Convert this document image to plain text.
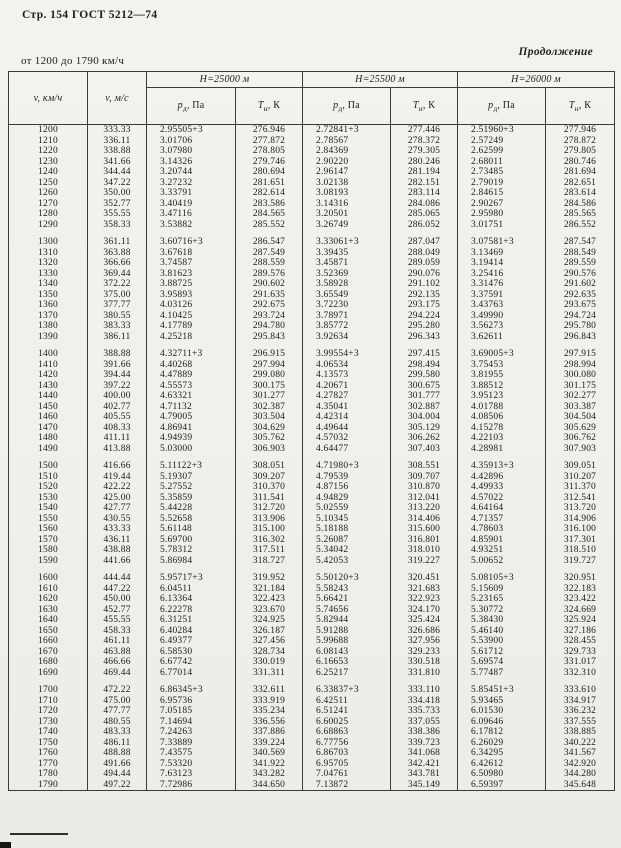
Стр. 154 ГОСТ 5212—74
Продолжение
от 1200 до 1790 км/ч
v, км/ч	v, м/с	Н=25000 м		Н=25500 м		Н=26000 м	
		$р_д$, Па	$Т_н$, К	$р_д$, Па	$Т_н$, К	$р_д$, Па	$Т_н$, К
1200	333.33	2.95505+3	276.946	2.72841+3	277.446	2.51960+3	277.946
1210	336.11	3.01706	277.872	2.78567	278.372	2.57249	278.872
1220	338.88	3.07980	278.805	2.84369	279.305	2.62599	279.805
1230	341.66	3.14326	279.746	2.90220	280.246	2.68011	280.746
1240	344.44	3.20744	280.694	2.96147	281.194	2.73485	281.694
1250	347.22	3.27232	281.651	3.02138	282.151	2.79019	282.651
1260	350.00	3.33791	282.614	3.08193	283.114	2.84615	283.614
1270	352.77	3.40419	283.586	3.14316	284.086	2.90267	284.586
1280	355.55	3.47116	284.565	3.20501	285.065	2.95980	285.565
1290	358.33	3.53882	285.552	3.26749	286.052	3.01751	286.552

1300	361.11	3.60716+3	286.547	3.33061+3	287.047	3.07581+3	287.547
1310	363.88	3.67618	287.549	3.39435	288.049	3.13469	288.549
1320	366.66	3.74587	288.559	3.45871	289.059	3.19414	289.559
1330	369.44	3.81623	289.576	3.52369	290.076	3.25416	290.576
1340	372.22	3.88725	290.602	3.58928	291.102	3.31476	291.602
1350	375.00	3.95893	291.635	3.65549	292.135	3.37591	292.635
1360	377.77	4.03126	292.675	3.72230	293.175	3.43763	293.675
1370	380.55	4.10425	293.724	3.78971	294.224	3.49990	294.724
1380	383.33	4.17789	294.780	3.85772	295.280	3.56273	295.780
1390	386.11	4.25218	295.843	3.92634	296.343	3.62611	296.843

1400	388.88	4.32711+3	296.915	3.99554+3	297.415	3.69005+3	297.915
1410	391.66	4.40268	297.994	4.06534	298.494	3.75453	298.994
1420	394.44	4.47889	299.080	4.13573	299.580	3.81955	300.080
1430	397.22	4.55573	300.175	4.20671	300.675	3.88512	301.175
1440	400.00	4.63321	301.277	4.27827	301.777	3.95123	302.277
1450	402.77	4.71132	302.387	4.35041	302.887	4.01788	303.387
1460	405.55	4.79005	303.504	4.42314	304.004	4.08506	304.504
1470	408.33	4.86941	304.629	4.49644	305.129	4.15278	305.629
1480	411.11	4.94939	305.762	4.57032	306.262	4.22103	306.762
1490	413.88	5.03000	306.903	4.64477	307.403	4.28981	307.903

1500	416.66	5.11122+3	308.051	4.71980+3	308.551	4.35913+3	309.051
1510	419.44	5.19307	309.207	4.79539	309.707	4.42896	310.207
1520	422.22	5.27552	310.370	4.87156	310.870	4.49933	311.370
1530	425.00	5.35859	311.541	4.94829	312.041	4.57022	312.541
1540	427.77	5.44228	312.720	5.02559	313.220	4.64164	313.720
1550	430.55	5.52658	313.906	5.10345	314.406	4.71357	314.906
1560	433.33	5.61148	315.100	5.18188	315.600	4.78603	316.100
1570	436.11	5.69700	316.302	5.26087	316.801	4.85901	317.301
1580	438.88	5.78312	317.511	5.34042	318.010	4.93251	318.510
1590	441.66	5.86984	318.727	5.42053	319.227	5.00652	319.727

1600	444.44	5.95717+3	319.952	5.50120+3	320.451	5.08105+3	320.951
1610	447.22	6.04511	321.184	5.58243	321.683	5.15609	322.183
1620	450.00	6.13364	322.423	5.66421	322.923	5.23165	323.422
1630	452.77	6.22278	323.670	5.74656	324.170	5.30772	324.669
1640	455.55	6.31251	324.925	5.82944	325.424	5.38430	325.924
1650	458.33	6.40284	326.187	5.91288	326.686	5.46140	327.186
1660	461.11	6.49377	327.456	5.99688	327.956	5.53900	328.455
1670	463.88	6.58530	328.734	6.08143	329.233	5.61712	329.733
1680	466.66	6.67742	330.019	6.16653	330.518	5.69574	331.017
1690	469.44	6.77014	331.311	6.25217	331.810	5.77487	332.310

1700	472.22	6.86345+3	332.611	6.33837+3	333.110	5.85451+3	333.610
1710	475.00	6.95736	333.919	6.42511	334.418	5.93465	334.917
1720	477.77	7.05185	335.234	6.51241	335.733	6.01530	336.232
1730	480.55	7.14694	336.556	6.60025	337.055	6.09646	337.555
1740	483.33	7.24263	337.886	6.68863	338.386	6.17812	338.885
1750	486.11	7.33889	339.224	6.77756	339.723	6.26029	340.222
1760	488.88	7.43575	340.569	6.86703	341.068	6.34295	341.567
1770	491.66	7.53320	341.922	6.95705	342.421	6.42612	342.920
1780	494.44	7.63123	343.282	7.04761	343.781	6.50980	344.280
1790	497.22	7.72986	344.650	7.13872	345.149	6.59397	345.648
